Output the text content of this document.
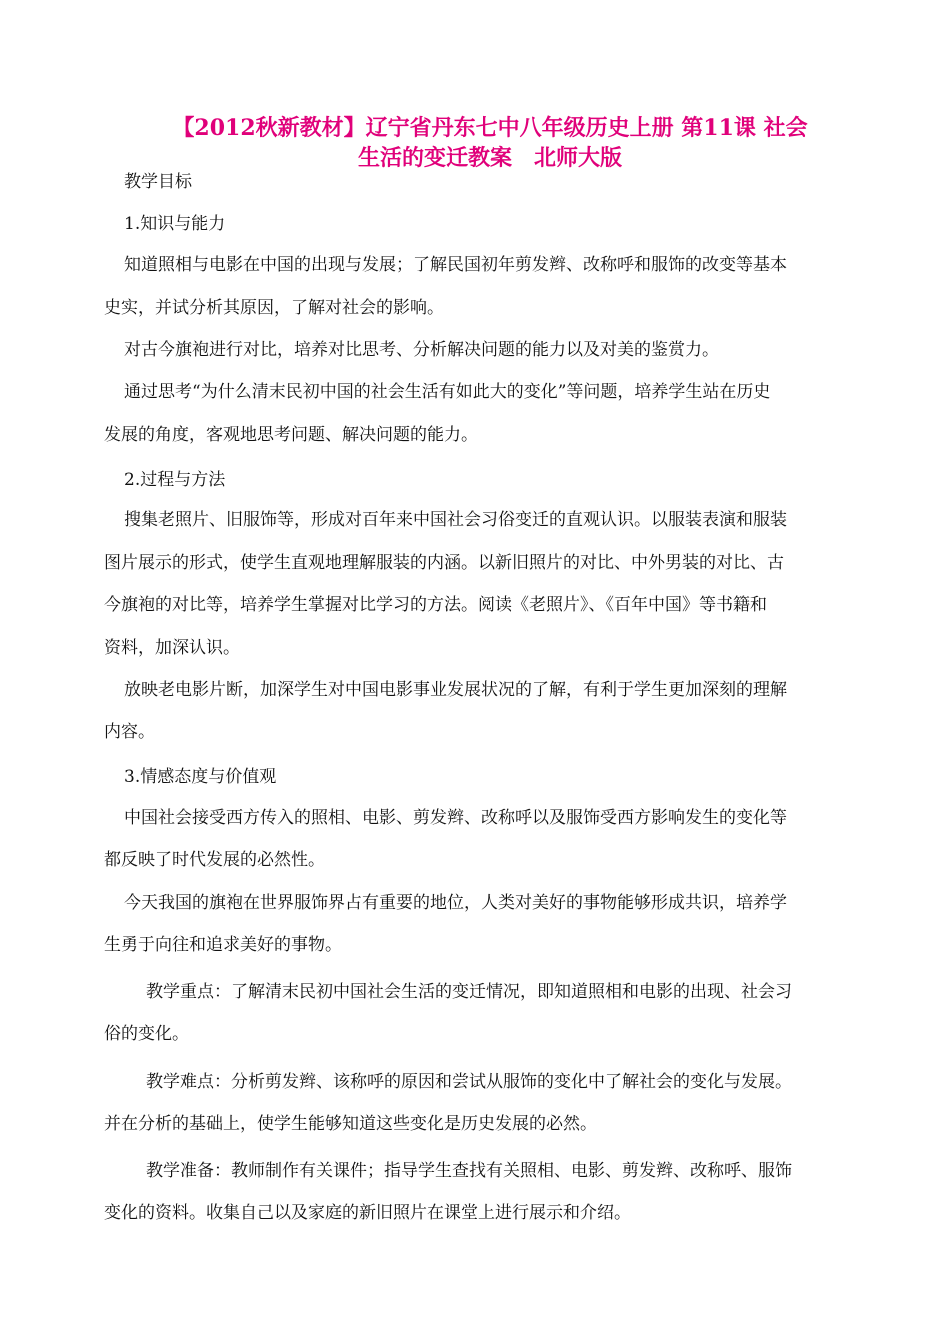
【2012秋新教材】辽宁省丹东七中八年级历史上册 第11课 社会
生活的变迁教案　北师大版

教学目标

1.知识与能力

知道照相与电影在中国的出现与发展；了解民国初年剪发辫、改称呼和服饰的改变等基本

史实，并试分析其原因，了解对社会的影响。

对古今旗袍进行对比，培养对比思考、分析解决问题的能力以及对美的鉴赏力。

通过思考“为什么清末民初中国的社会生活有如此大的变化”等问题，培养学生站在历史

发展的角度，客观地思考问题、解决问题的能力。

2.过程与方法

搜集老照片、旧服饰等，形成对百年来中国社会习俗变迁的直观认识。以服装表演和服装

图片展示的形式，使学生直观地理解服装的内涵。以新旧照片的对比、中外男装的对比、古

今旗袍的对比等，培养学生掌握对比学习的方法。阅读《老照片》、《百年中国》等书籍和

资料，加深认识。

放映老电影片断，加深学生对中国电影事业发展状况的了解，有利于学生更加深刻的理解

内容。

3.情感态度与价值观

中国社会接受西方传入的照相、电影、剪发辫、改称呼以及服饰受西方影响发生的变化等

都反映了时代发展的必然性。

今天我国的旗袍在世界服饰界占有重要的地位，人类对美好的事物能够形成共识，培养学

生勇于向往和追求美好的事物。

教学重点：了解清末民初中国社会生活的变迁情况，即知道照相和电影的出现、社会习

俗的变化。

教学难点：分析剪发辫、该称呼的原因和尝试从服饰的变化中了解社会的变化与发展。

并在分析的基础上，使学生能够知道这些变化是历史发展的必然。

教学准备：教师制作有关课件；指导学生查找有关照相、电影、剪发辫、改称呼、服饰

变化的资料。收集自己以及家庭的新旧照片在课堂上进行展示和介绍。
